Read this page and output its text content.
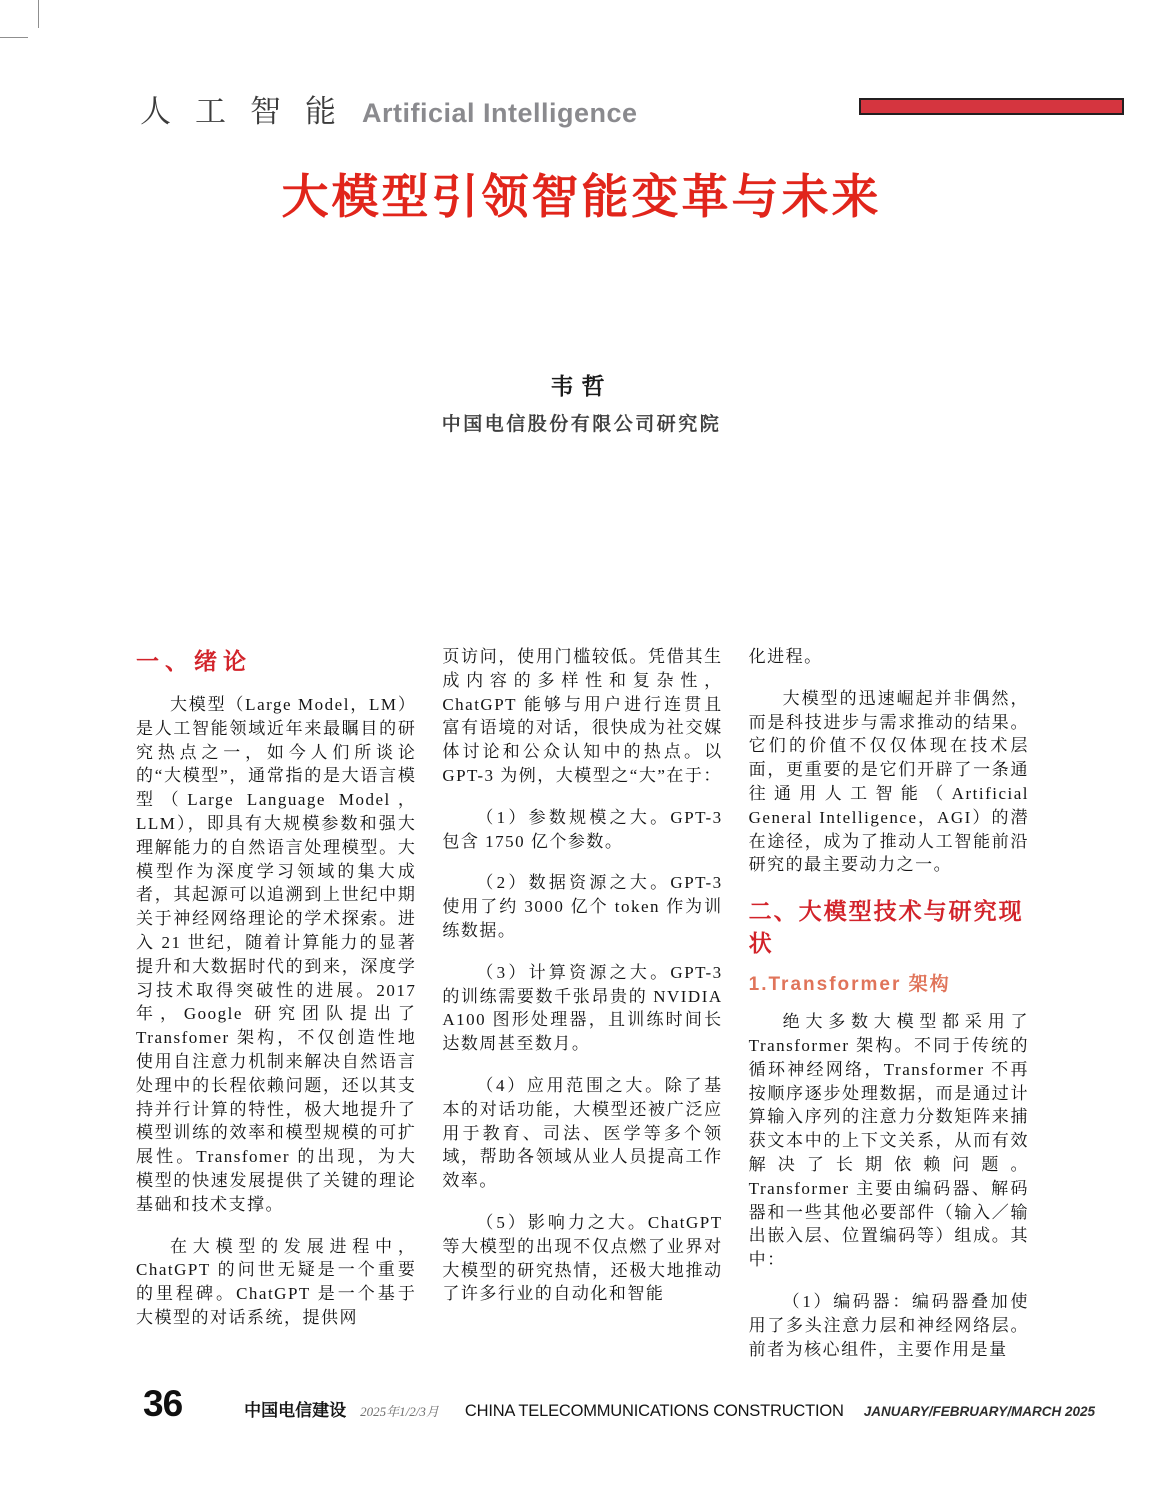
人工智能 Artificial Intelligence
大模型引领智能变革与未来
韦哲
中国电信股份有限公司研究院
一、绪论

大模型（Large Model，LM）是人工智能领域近年来最瞩目的研究热点之一，如今人们所谈论的“大模型”，通常指的是大语言模型（Large Language Model，LLM），即具有大规模参数和强大理解能力的自然语言处理模型。大模型作为深度学习领域的集大成者，其起源可以追溯到上世纪中期关于神经网络理论的学术探索。进入 21 世纪，随着计算能力的显著提升和大数据时代的到来，深度学习技术取得突破性的进展。2017 年，Google 研究团队提出了 Transfomer 架构，不仅创造性地使用自注意力机制来解决自然语言处理中的长程依赖问题，还以其支持并行计算的特性，极大地提升了模型训练的效率和模型规模的可扩展性。Transfomer 的出现，为大模型的快速发展提供了关键的理论基础和技术支撑。

在大模型的发展进程中，ChatGPT 的问世无疑是一个重要的里程碑。ChatGPT 是一个基于大模型的对话系统，提供网

页访问，使用门槛较低。凭借其生成内容的多样性和复杂性，ChatGPT 能够与用户进行连贯且富有语境的对话，很快成为社交媒体讨论和公众认知中的热点。以 GPT-3 为例，大模型之“大”在于：

（1）参数规模之大。GPT-3 包含 1750 亿个参数。

（2）数据资源之大。GPT-3 使用了约 3000 亿个 token 作为训练数据。

（3）计算资源之大。GPT-3 的训练需要数千张昂贵的 NVIDIA A100 图形处理器，且训练时间长达数周甚至数月。

（4）应用范围之大。除了基本的对话功能，大模型还被广泛应用于教育、司法、医学等多个领域，帮助各领域从业人员提高工作效率。

（5）影响力之大。ChatGPT 等大模型的出现不仅点燃了业界对大模型的研究热情，还极大地推动了许多行业的自动化和智能

化进程。

大模型的迅速崛起并非偶然，而是科技进步与需求推动的结果。它们的价值不仅仅体现在技术层面，更重要的是它们开辟了一条通往通用人工智能（Artificial General Intelligence，AGI）的潜在途径，成为了推动人工智能前沿研究的最主要动力之一。

二、大模型技术与研究现状
1.Transformer 架构

绝大多数大模型都采用了 Transformer 架构。不同于传统的循环神经网络，Transformer 不再按顺序逐步处理数据，而是通过计算输入序列的注意力分数矩阵来捕获文本中的上下文关系，从而有效解决了长期依赖问题。Transformer 主要由编码器、解码器和一些其他必要部件（输入／输出嵌入层、位置编码等）组成。其中：

（1）编码器：编码器叠加使用了多头注意力层和神经网络层。前者为核心组件，主要作用是量

36	中国电信建设 2025年1/2/3月 CHINA TELECOMMUNICATIONS CONSTRUCTION JANUARY/FEBRUARY/MARCH 2025
